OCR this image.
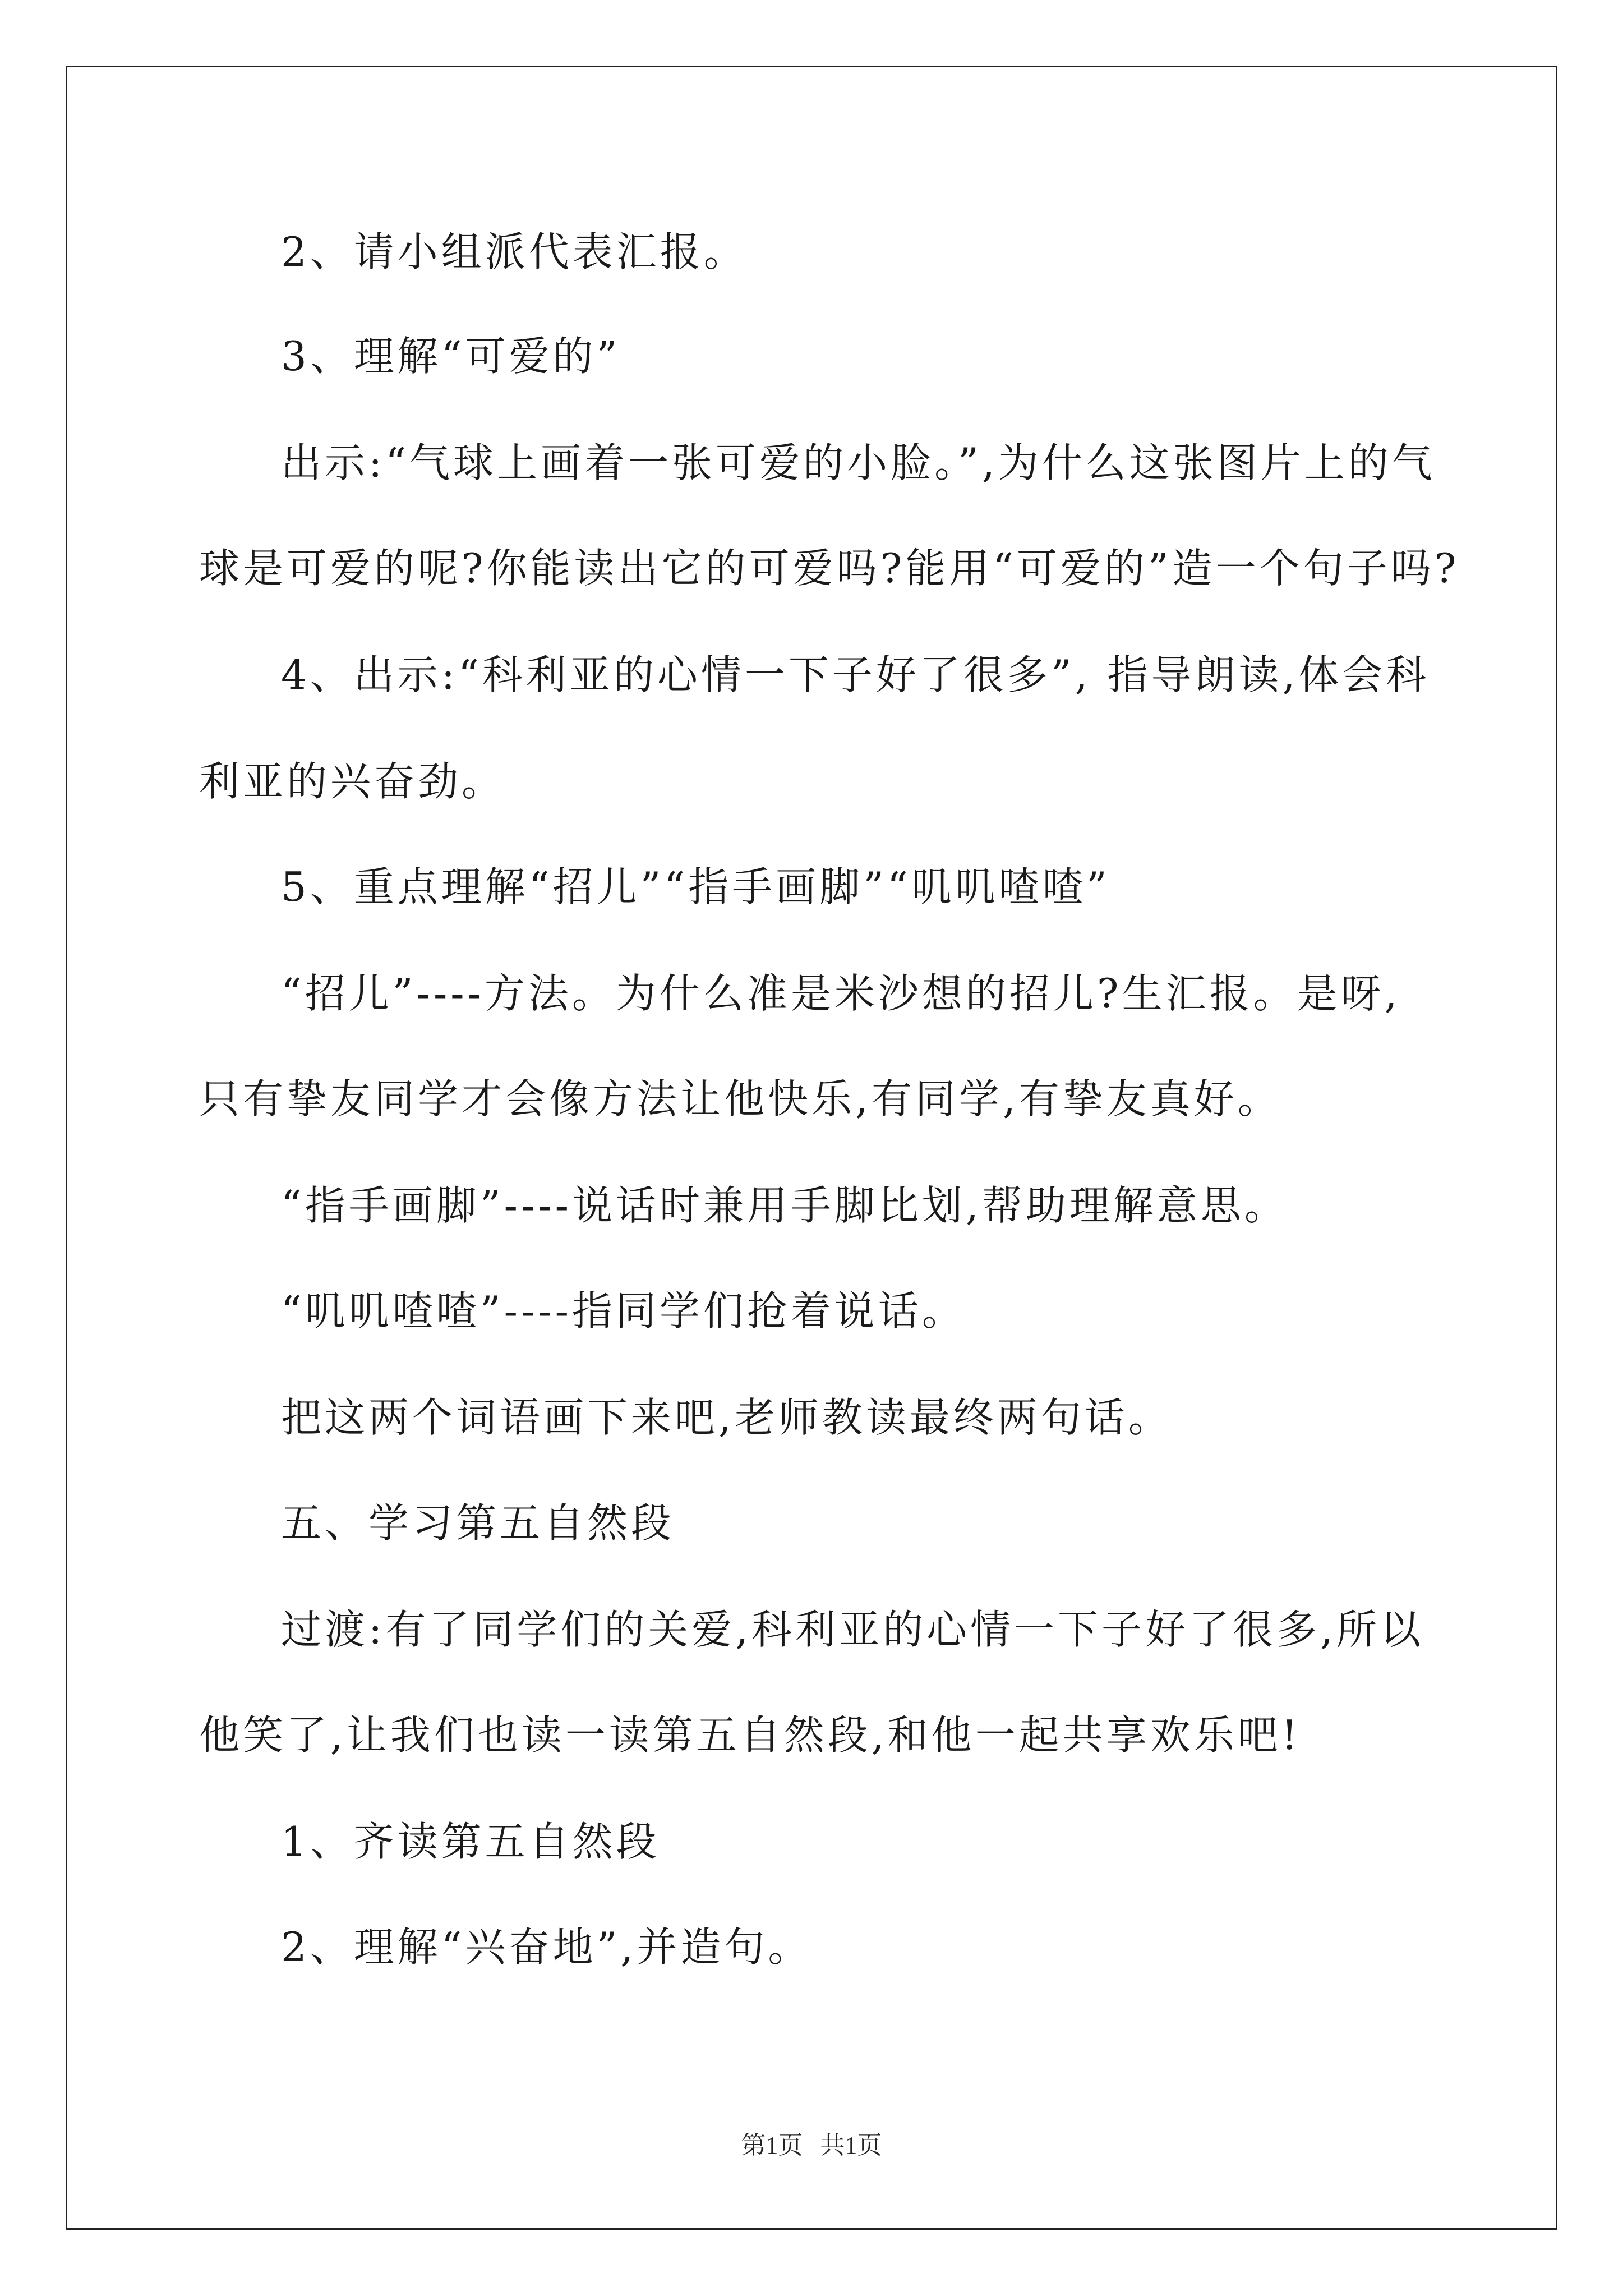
2、请小组派代表汇报。
3、理解“可爱的”
出示:“气球上画着一张可爱的小脸。”,为什么这张图片上的气
球是可爱的呢?你能读出它的可爱吗?能用“可爱的”造一个句子吗?
4、出示:“科利亚的心情一下子好了很多”, 指导朗读,体会科
利亚的兴奋劲。
5、重点理解“招儿”“指手画脚”“叽叽喳喳”
“招儿”----方法。为什么准是米沙想的招儿?生汇报。是呀,
只有挚友同学才会像方法让他快乐,有同学,有挚友真好。
“指手画脚”----说话时兼用手脚比划,帮助理解意思。
“叽叽喳喳”----指同学们抢着说话。
把这两个词语画下来吧,老师教读最终两句话。
五、学习第五自然段
过渡:有了同学们的关爱,科利亚的心情一下子好了很多,所以
他笑了,让我们也读一读第五自然段,和他一起共享欢乐吧!
1、齐读第五自然段
2、理解“兴奋地”,并造句。
第1页 共1页
